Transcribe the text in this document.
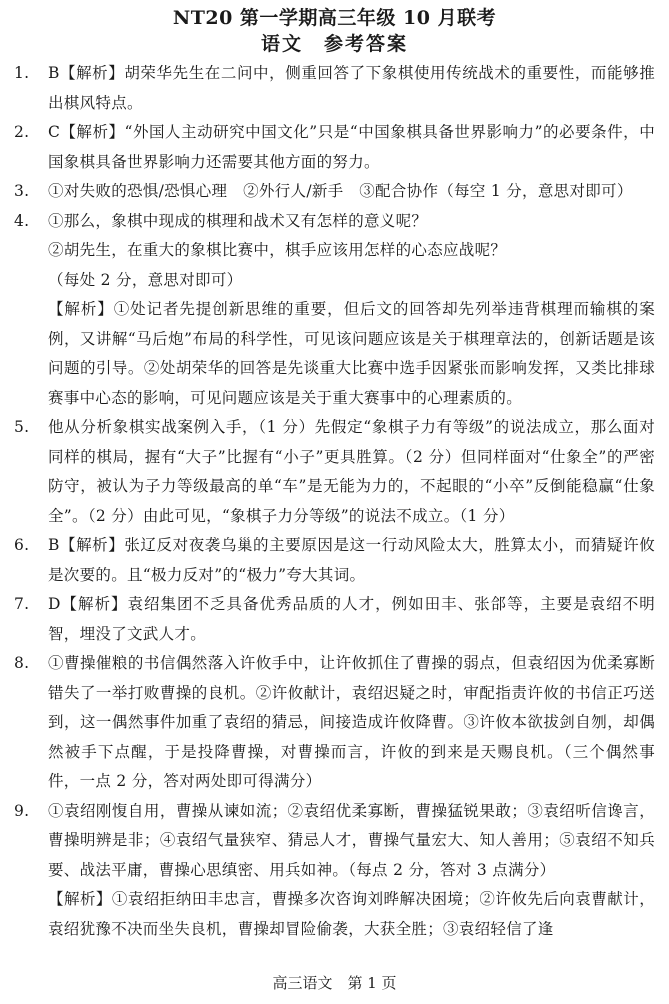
NT20 第一学期高三年级 10 月联考
语文　参考答案
1.	B【解析】胡荣华先生在二问中，侧重回答了下象棋使用传统战术的重要性，而能够推出棋风特点。
2.	C【解析】“外国人主动研究中国文化”只是“中国象棋具备世界影响力”的必要条件，中国象棋具备世界影响力还需要其他方面的努力。
3.	①对失败的恐惧/恐惧心理　②外行人/新手　③配合协作（每空 1 分，意思对即可）
4.	①那么，象棋中现成的棋理和战术又有怎样的意义呢？
②胡先生，在重大的象棋比赛中，棋手应该用怎样的心态应战呢？
（每处 2 分，意思对即可）
【解析】①处记者先提创新思维的重要，但后文的回答却先列举违背棋理而输棋的案例，又讲解“马后炮”布局的科学性，可见该问题应该是关于棋理章法的，创新话题是该问题的引导。②处胡荣华的回答是先谈重大比赛中选手因紧张而影响发挥，又类比排球赛事中心态的影响，可见问题应该是关于重大赛事中的心理素质的。
5.	他从分析象棋实战案例入手，（1 分）先假定“象棋子力有等级”的说法成立，那么面对同样的棋局，握有“大子”比握有“小子”更具胜算。（2 分）但同样面对“仕象全”的严密防守，被认为子力等级最高的单“车”是无能为力的，不起眼的“小卒”反倒能稳赢“仕象全”。（2 分）由此可见，“象棋子力分等级”的说法不成立。（1 分）
6.	B【解析】张辽反对夜袭乌巢的主要原因是这一行动风险太大，胜算太小，而猜疑许攸是次要的。且“极力反对”的“极力”夸大其词。
7.	D【解析】袁绍集团不乏具备优秀品质的人才，例如田丰、张郃等，主要是袁绍不明智，埋没了文武人才。
8.	①曹操催粮的书信偶然落入许攸手中，让许攸抓住了曹操的弱点，但袁绍因为优柔寡断错失了一举打败曹操的良机。②许攸献计，袁绍迟疑之时，审配指责许攸的书信正巧送到，这一偶然事件加重了袁绍的猜忌，间接造成许攸降曹。③许攸本欲拔剑自刎，却偶然被手下点醒，于是投降曹操，对曹操而言，许攸的到来是天赐良机。（三个偶然事件，一点 2 分，答对两处即可得满分）
9.	①袁绍刚愎自用，曹操从谏如流；②袁绍优柔寡断，曹操猛锐果敢；③袁绍听信谗言，曹操明辨是非；④袁绍气量狭窄、猜忌人才，曹操气量宏大、知人善用；⑤袁绍不知兵要、战法平庸，曹操心思缜密、用兵如神。（每点 2 分，答对 3 点满分）
【解析】①袁绍拒纳田丰忠言，曹操多次咨询刘晔解决困境；②许攸先后向袁曹献计，袁绍犹豫不决而坐失良机，曹操却冒险偷袭，大获全胜；③袁绍轻信了逢
高三语文　第 1 页
